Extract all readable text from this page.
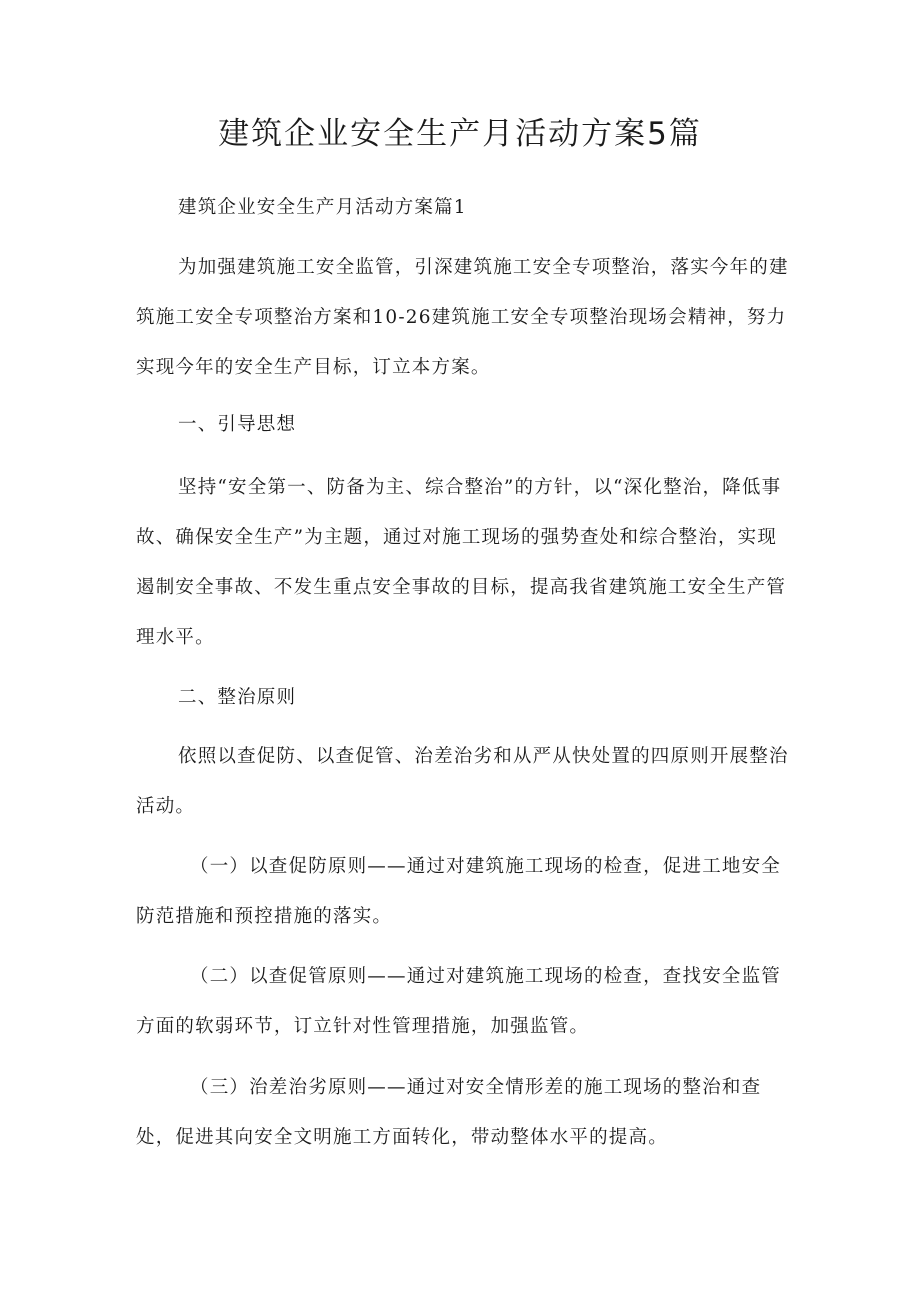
建筑企业安全生产月活动方案5篇

建筑企业安全生产月活动方案篇1

为加强建筑施工安全监管，引深建筑施工安全专项整治，落实今年的建筑施工安全专项整治方案和10-26建筑施工安全专项整治现场会精神，努力实现今年的安全生产目标，订立本方案。

一、引导思想

坚持“安全第一、防备为主、综合整治”的方针，以“深化整治，降低事故、确保安全生产”为主题，通过对施工现场的强势查处和综合整治，实现遏制安全事故、不发生重点安全事故的目标，提高我省建筑施工安全生产管理水平。

二、整治原则

依照以查促防、以查促管、治差治劣和从严从快处置的四原则开展整治活动。

（一）以查促防原则——通过对建筑施工现场的检查，促进工地安全防范措施和预控措施的落实。

（二）以查促管原则——通过对建筑施工现场的检查，查找安全监管方面的软弱环节，订立针对性管理措施，加强监管。

（三）治差治劣原则——通过对安全情形差的施工现场的整治和查处，促进其向安全文明施工方面转化，带动整体水平的提高。
